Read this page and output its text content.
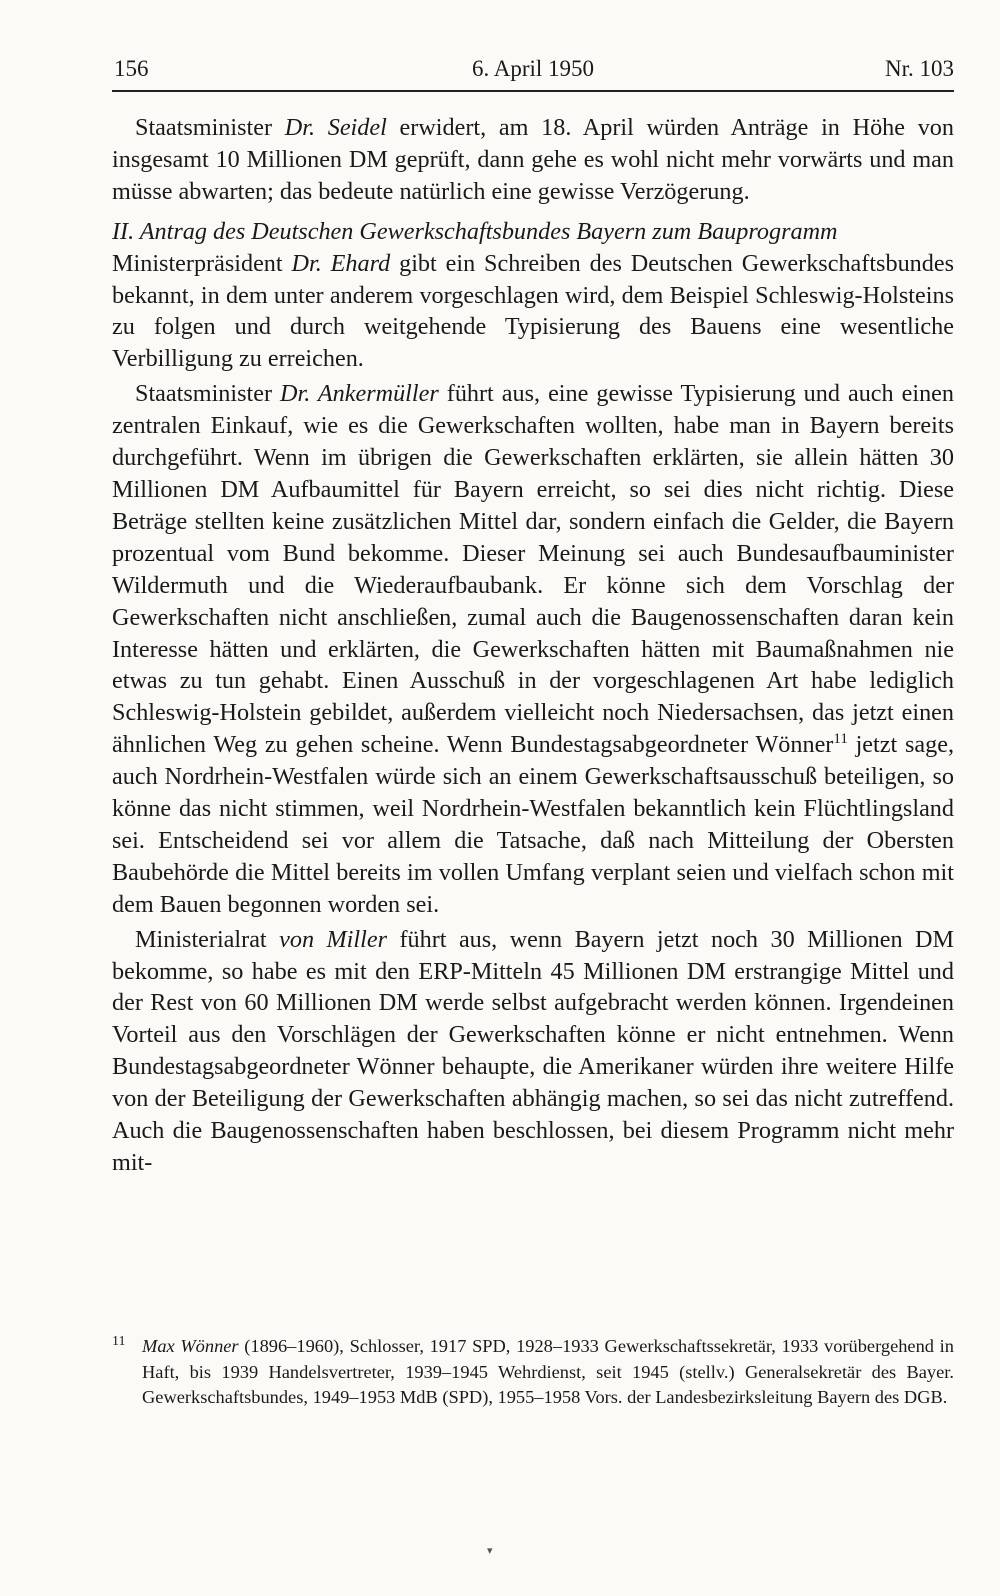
156	6. April 1950	Nr. 103

Staatsminister Dr. Seidel erwidert, am 18. April würden Anträge in Höhe von insgesamt 10 Millionen DM geprüft, dann gehe es wohl nicht mehr vorwärts und man müsse abwarten; das bedeute natürlich eine gewisse Verzögerung.

II. Antrag des Deutschen Gewerkschaftsbundes Bayern zum Bauprogramm

Ministerpräsident Dr. Ehard gibt ein Schreiben des Deutschen Gewerkschaftsbundes bekannt, in dem unter anderem vorgeschlagen wird, dem Beispiel Schleswig-Holsteins zu folgen und durch weitgehende Typisierung des Bauens eine wesentliche Verbilligung zu erreichen.

Staatsminister Dr. Ankermüller führt aus, eine gewisse Typisierung und auch einen zentralen Einkauf, wie es die Gewerkschaften wollten, habe man in Bayern bereits durchgeführt. Wenn im übrigen die Gewerkschaften erklärten, sie allein hätten 30 Millionen DM Aufbaumittel für Bayern erreicht, so sei dies nicht richtig. Diese Beträge stellten keine zusätzlichen Mittel dar, sondern einfach die Gelder, die Bayern prozentual vom Bund bekomme. Dieser Meinung sei auch Bundesaufbauminister Wildermuth und die Wiederaufbaubank. Er könne sich dem Vorschlag der Gewerkschaften nicht anschließen, zumal auch die Baugenossenschaften daran kein Interesse hätten und erklärten, die Gewerkschaften hätten mit Baumaßnahmen nie etwas zu tun gehabt. Einen Ausschuß in der vorgeschlagenen Art habe lediglich Schleswig-Holstein gebildet, außerdem vielleicht noch Niedersachsen, das jetzt einen ähnlichen Weg zu gehen scheine. Wenn Bundestagsabgeordneter Wönner$^{11}$ jetzt sage, auch Nordrhein-Westfalen würde sich an einem Gewerkschaftsausschuß beteiligen, so könne das nicht stimmen, weil Nordrhein-Westfalen bekanntlich kein Flüchtlingsland sei. Entscheidend sei vor allem die Tatsache, daß nach Mitteilung der Obersten Baubehörde die Mittel bereits im vollen Umfang verplant seien und vielfach schon mit dem Bauen begonnen worden sei.

Ministerialrat von Miller führt aus, wenn Bayern jetzt noch 30 Millionen DM bekomme, so habe es mit den ERP-Mitteln 45 Millionen DM erstrangige Mittel und der Rest von 60 Millionen DM werde selbst aufgebracht werden können. Irgendeinen Vorteil aus den Vorschlägen der Gewerkschaften könne er nicht entnehmen. Wenn Bundestagsabgeordneter Wönner behaupte, die Amerikaner würden ihre weitere Hilfe von der Beteiligung der Gewerkschaften abhängig machen, so sei das nicht zutreffend. Auch die Baugenossenschaften haben beschlossen, bei diesem Programm nicht mehr mit-

11 Max Wönner (1896–1960), Schlosser, 1917 SPD, 1928–1933 Gewerkschaftssekretär, 1933 vorübergehend in Haft, bis 1939 Handelsvertreter, 1939–1945 Wehrdienst, seit 1945 (stellv.) Generalsekretär des Bayer. Gewerkschaftsbundes, 1949–1953 MdB (SPD), 1955–1958 Vors. der Landesbezirksleitung Bayern des DGB.
▾
